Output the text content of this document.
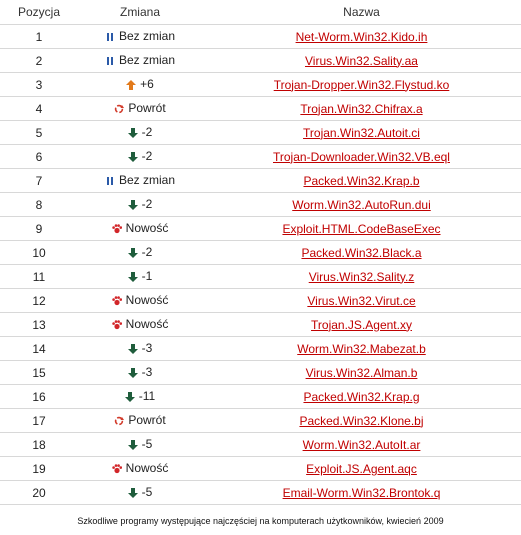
Pozycja	Zmiana	Nazwa
1	Bez zmian	Net-Worm.Win32.Kido.ih
2	Bez zmian	Virus.Win32.Sality.aa
3	+6	Trojan-Dropper.Win32.Flystud.ko
4	Powrót	Trojan.Win32.Chifrax.a
5	-2	Trojan.Win32.Autoit.ci
6	-2	Trojan-Downloader.Win32.VB.eql
7	Bez zmian	Packed.Win32.Krap.b
8	-2	Worm.Win32.AutoRun.dui
9	Nowość	Exploit.HTML.CodeBaseExec
10	-2	Packed.Win32.Black.a
11	-1	Virus.Win32.Sality.z
12	Nowość	Virus.Win32.Virut.ce
13	Nowość	Trojan.JS.Agent.xy
14	-3	Worm.Win32.Mabezat.b
15	-3	Virus.Win32.Alman.b
16	-11	Packed.Win32.Krap.g
17	Powrót	Packed.Win32.Klone.bj
18	-5	Worm.Win32.AutoIt.ar
19	Nowość	Exploit.JS.Agent.aqc
20	-5	Email-Worm.Win32.Brontok.q
Szkodliwe programy występujące najczęściej na komputerach użytkowników, kwiecień 2009
